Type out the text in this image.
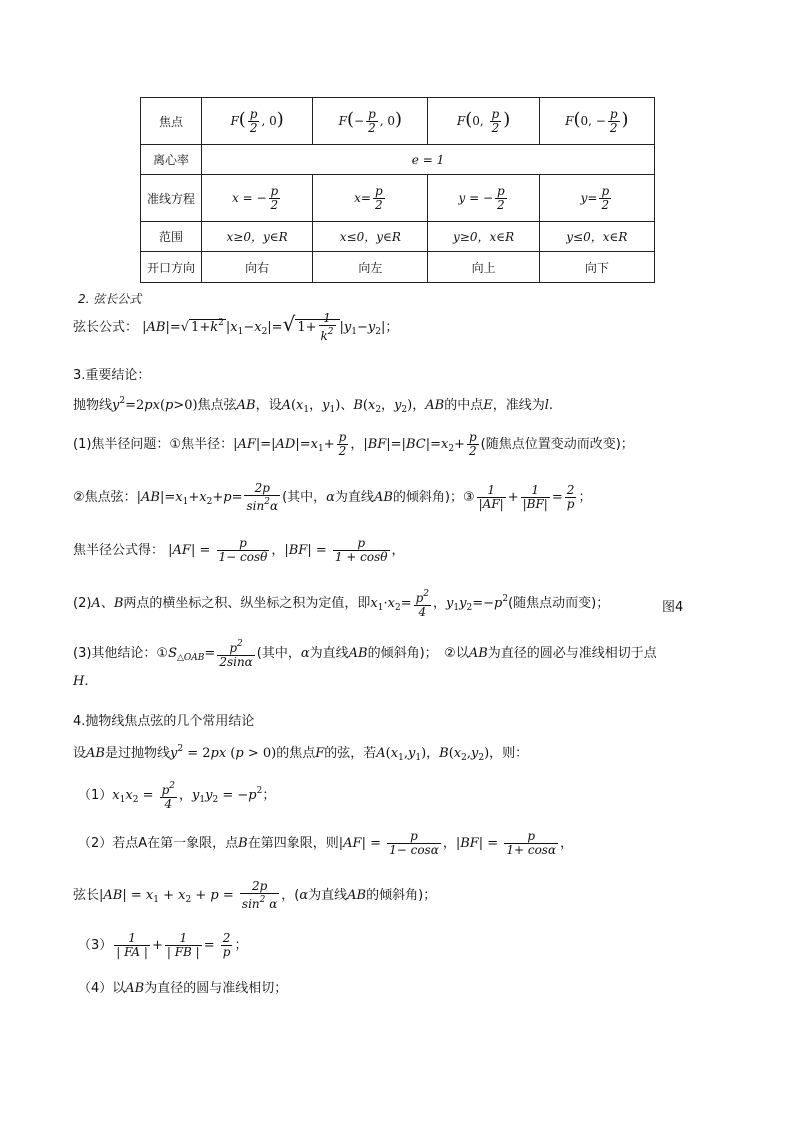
焦点	$F( \frac{p}{2}$ , 0)	$F(- \frac{p}{2}$ , 0)	F(0, $\frac{p}{2}$ )	F(0, − $\frac{p}{2}$ )
离心率	e = 1			
准线方程	x = − $\frac{p}{2}$	$x= \frac{p}{2}$	y = − $\frac{p}{2}$	$y= \frac{p}{2}$

范围	x≥0，y∈R	x≤0，y∈R	y≥0，x∈R	y≤0，x∈R
开口方向	向右	向左	向上	向下
2. 弦长公式
弦长公式： |AB|=√ $1+k^2$ $|x_1-x_2|=√$ $1+ \frac{1}{k^2} |y_1-y_2|$；
3.重要结论：
抛物线$y^2=2px(p>0)$焦点弦AB，设$A(x_1$，$y_1$)、$B(x_2$，$y_2$)，AB的中点E，准线为l.
(1)焦半径问题：①焦半径：$|AF|=|AD|=x_1+ \frac{p}{2}$ ，$|BF|=|BC|=x_2+ \frac{p}{2}$ (随焦点位置变动而改变)；
②焦点弦：$|AB|=x_1+x_2+p= \frac{2p}{\sin^2\alpha}$ (其中，α为直线AB的倾斜角)；③ $\frac{1}{|AF|} + \frac{1}{|BF|} = \frac{2}{p}$ ；
焦半径公式得： $|AF| = \frac{p}{1- \cos\theta}$ ，$|BF| = \frac{p}{1 + \cos\theta}$ ，
(2)A、B两点的横坐标之积、纵坐标之积为定值，即$x_1\cdot x_2= \frac{p^2}{4}$ ，$y_1y_2=-p^2$(随焦点动而变)；	图4
(3)其他结论：$①S_{\triangle OAB}= \frac{p^2}{2\sin\alpha}$ (其中，α为直线AB的倾斜角)；　②以AB为直径的圆必与准线相切于点
H.
4.抛物线焦点弦的几个常用结论
设AB是过抛物线$y^2 = 2px$ (p > 0)的焦点F的弦，若$A(x_1,y_1)$，$B(x_2,y_2)$，则：
$(1)x_1x_2 = \frac{p^2}{4}$ ，$y_1y_2 = -p^2$；
（2）若点A在第一象限，点B在第四象限，则$|AF| = \frac{p}{1- \cos\alpha}$ ，$|BF| = \frac{p}{1+ \cos\alpha}$ ，
弦长$|AB| = x_1 + x_2 + p = \frac{2p}{\sin^2 \alpha}$ ，(α为直线AB的倾斜角)；
$(3) \frac{1}{| FA |} + \frac{1}{| FB |} = \frac{2}{p}$ ；
（4）以AB为直径的圆与准线相切；
